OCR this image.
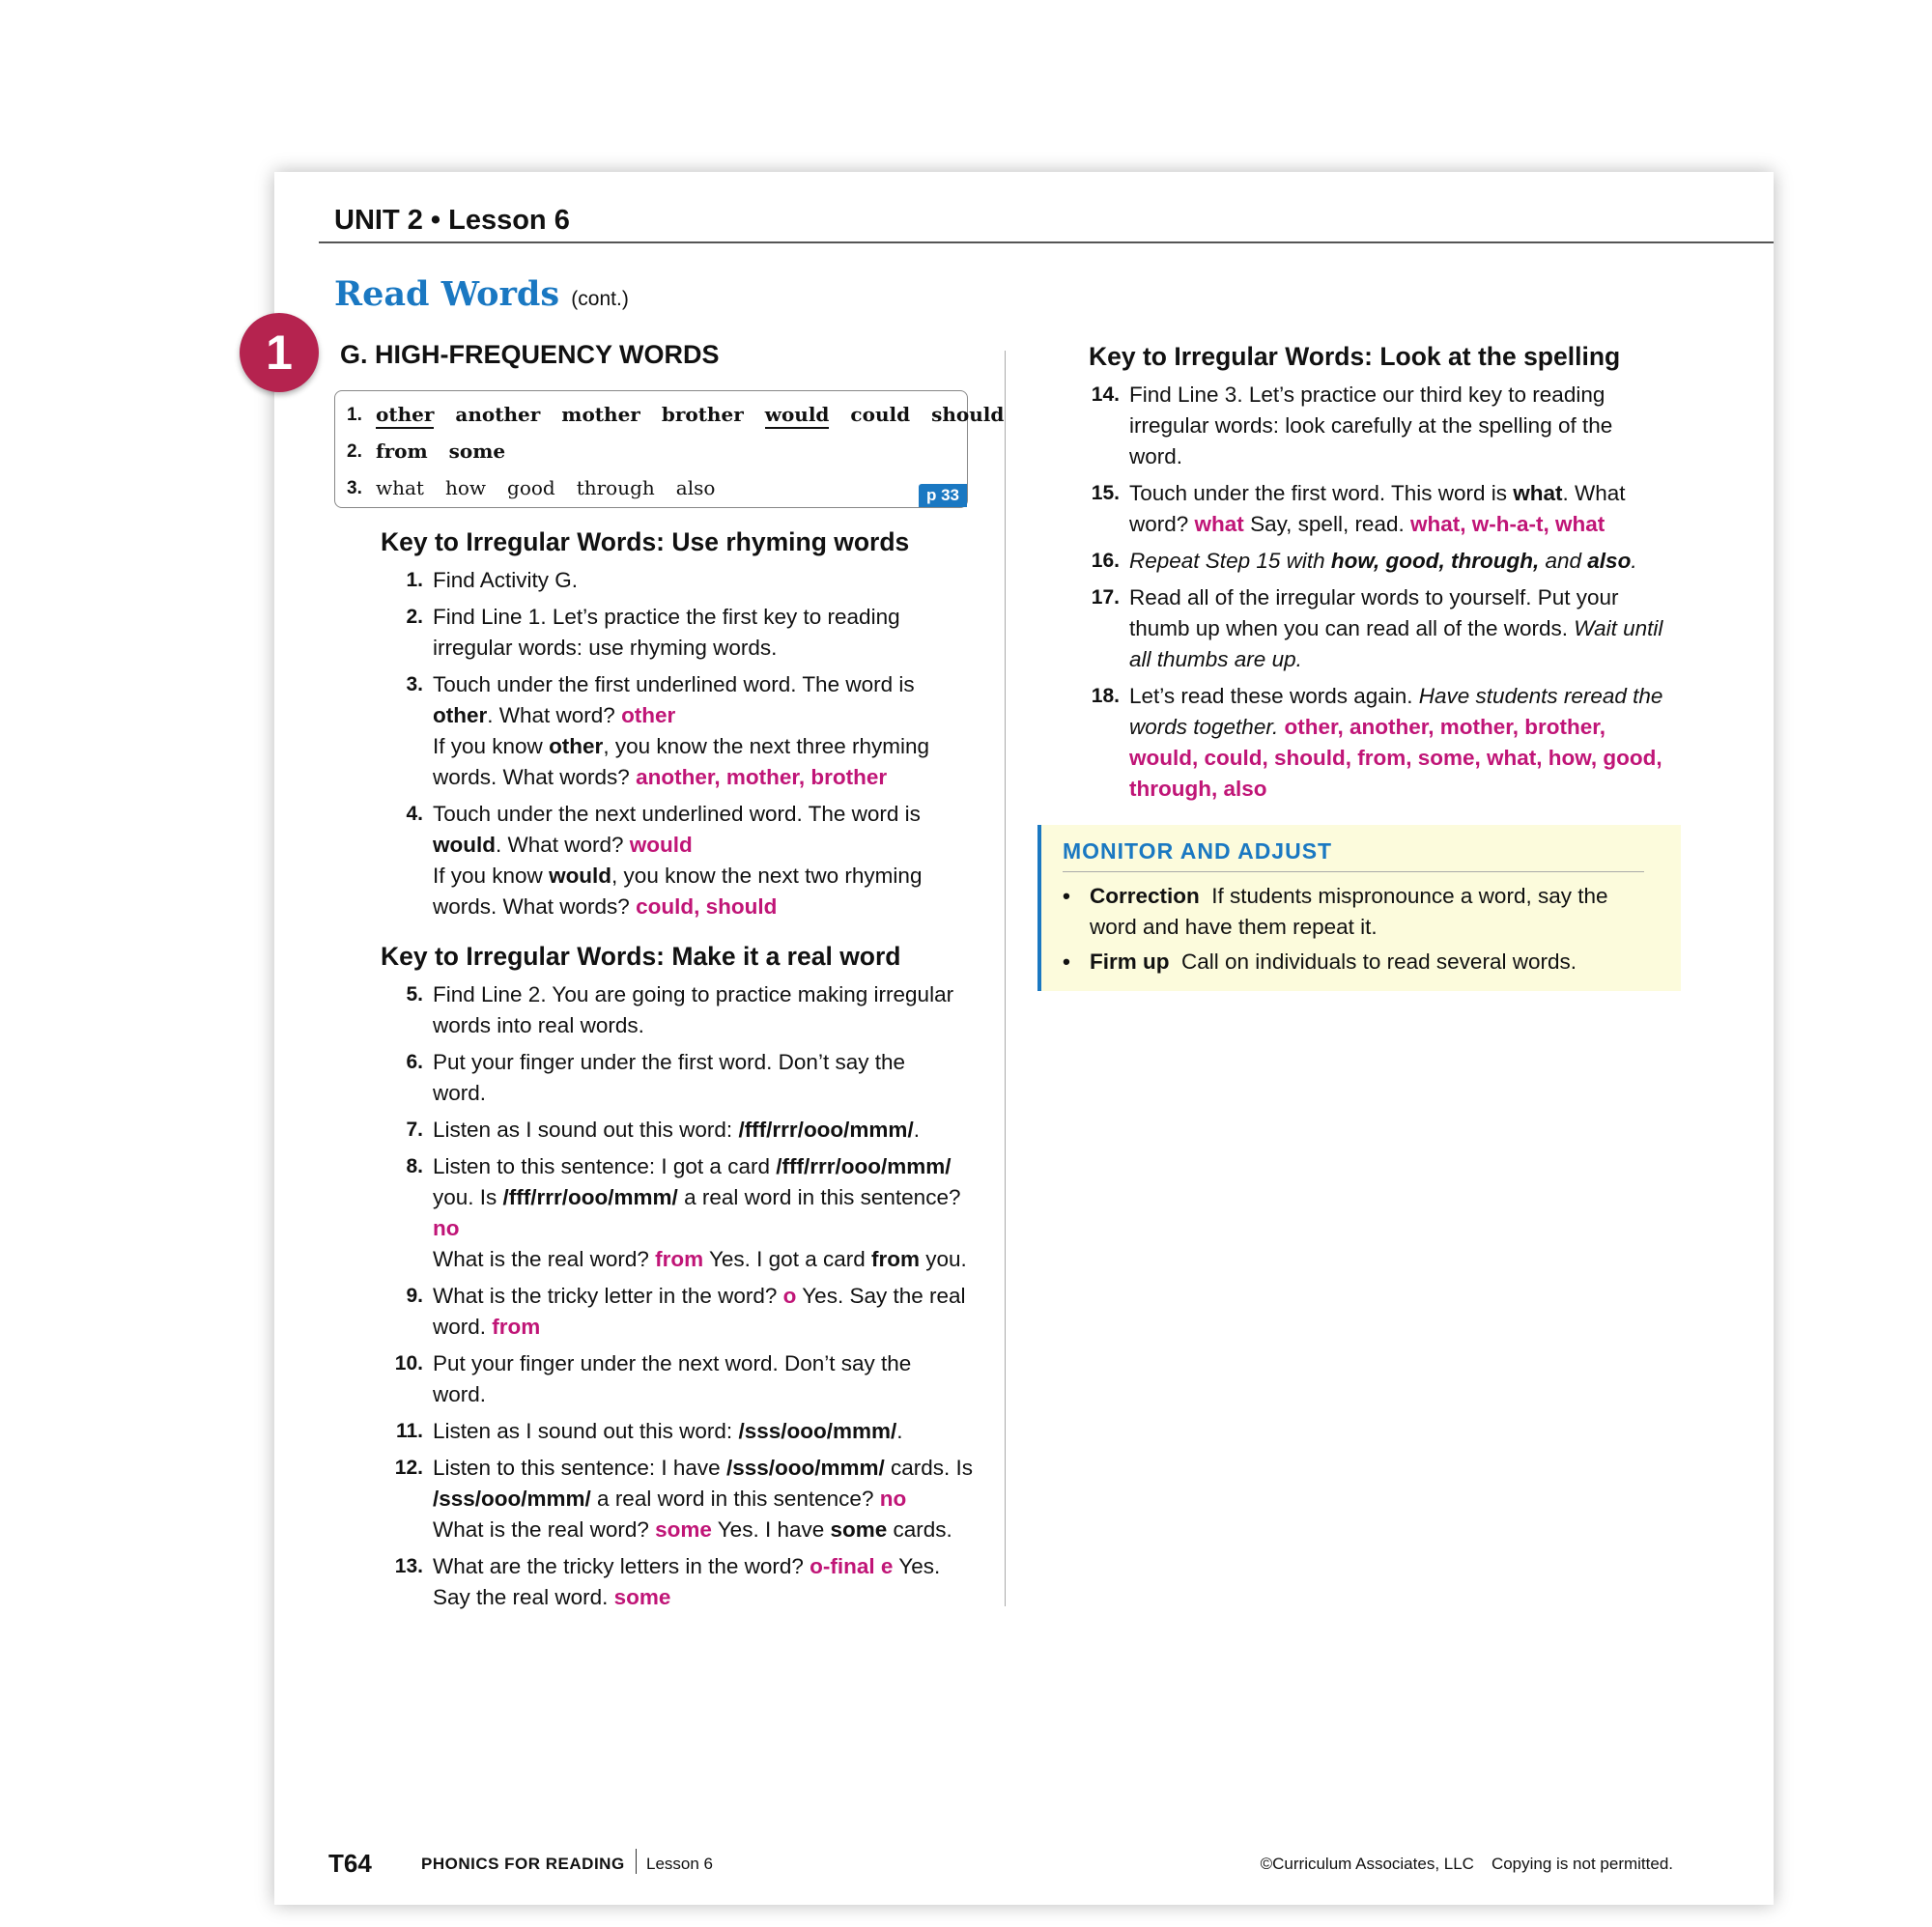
UNIT 2 • Lesson 6
Read Words (cont.)
1	G. HIGH-FREQUENCY WORDS
1. other another mother brother would could should
2. from some
3. what how good through also	p 33
Key to Irregular Words: Use rhyming words
1. Find Activity G.
2. Find Line 1. Let’s practice the first key to reading irregular words: use rhyming words.
3. Touch under the first underlined word. The word is other. What word? other
If you know other, you know the next three rhyming words. What words? another, mother, brother
4. Touch under the next underlined word. The word is would. What word? would
If you know would, you know the next two rhyming words. What words? could, should
Key to Irregular Words: Make it a real word
5. Find Line 2. You are going to practice making irregular words into real words.
6. Put your finger under the first word. Don’t say the word.
7. Listen as I sound out this word: /fff/rrr/ooo/mmm/.
8. Listen to this sentence: I got a card /fff/rrr/ooo/mmm/ you. Is /fff/rrr/ooo/mmm/ a real word in this sentence?
no
What is the real word? from Yes. I got a card from you.
9. What is the tricky letter in the word? o Yes. Say the real word. from
10. Put your finger under the next word. Don’t say the word.
11. Listen as I sound out this word: /sss/ooo/mmm/.
12. Listen to this sentence: I have /sss/ooo/mmm/ cards. Is /sss/ooo/mmm/ a real word in this sentence? no
What is the real word? some Yes. I have some cards.
13. What are the tricky letters in the word? o-final e Yes. Say the real word. some
Key to Irregular Words: Look at the spelling
14. Find Line 3. Let’s practice our third key to reading irregular words: look carefully at the spelling of the word.
15. Touch under the first word. This word is what. What word? what Say, spell, read. what, w-h-a-t, what
16. Repeat Step 15 with how, good, through, and also.
17. Read all of the irregular words to yourself. Put your thumb up when you can read all of the words. Wait until all thumbs are up.
18. Let’s read these words again. Have students reread the words together. other, another, mother, brother, would, could, should, from, some, what, how, good, through, also
MONITOR AND ADJUST
• Correction If students mispronounce a word, say the word and have them repeat it.
• Firm up Call on individuals to read several words.
T64	PHONICS FOR READING Lesson 6	©Curriculum Associates, LLC Copying is not permitted.
